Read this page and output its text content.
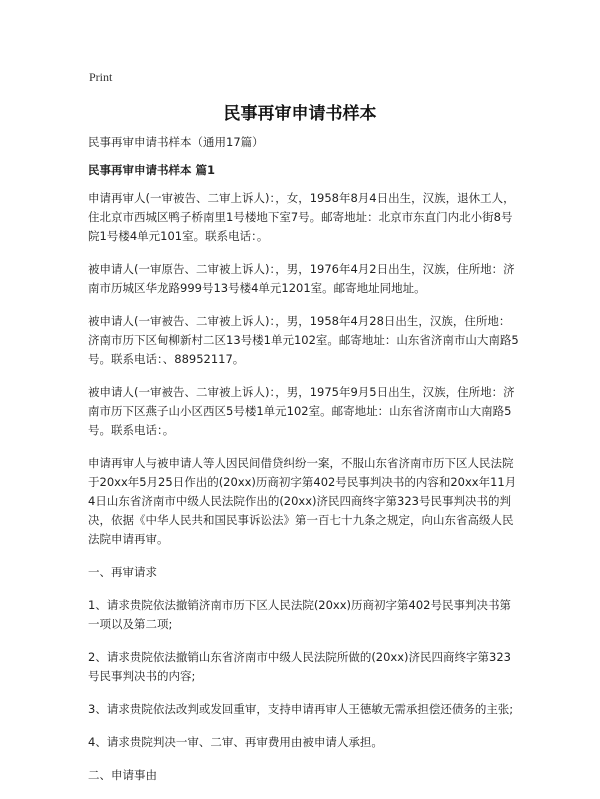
Print
民事再审申请书样本

民事再审申请书样本（通用17篇）

民事再审申请书样本 篇1

申请再审人(一审被告、二审上诉人)：，女，1958年8月4日出生，汉族，退休工人，住北京市西城区鸭子桥南里1号楼地下室7号。邮寄地址：北京市东直门内北小街8号院1号楼4单元101室。联系电话：。

被申请人(一审原告、二审被上诉人)：，男，1976年4月2日出生，汉族，住所地：济南市历城区华龙路999号13号楼4单元1201室。邮寄地址同地址。

被申请人(一审被告、二审被上诉人)：，男，1958年4月28日出生，汉族，住所地：济南市历下区甸柳新村二区13号楼1单元102室。邮寄地址：山东省济南市山大南路5号。联系电话：、88952117。

被申请人(一审被告、二审被上诉人)：，男，1975年9月5日出生，汉族，住所地：济南市历下区燕子山小区西区5号楼1单元102室。邮寄地址：山东省济南市山大南路5号。联系电话：。

申请再审人与被申请人等人因民间借贷纠纷一案，不服山东省济南市历下区人民法院于20xx年5月25日作出的(20xx)历商初字第402号民事判决书的内容和20xx年11月4日山东省济南市中级人民法院作出的(20xx)济民四商终字第323号民事判决书的判决，依据《中华人民共和国民事诉讼法》第一百七十九条之规定，向山东省高级人民法院申请再审。

一、再审请求

1、请求贵院依法撤销济南市历下区人民法院(20xx)历商初字第402号民事判决书第一项以及第二项;

2、请求贵院依法撤销山东省济南市中级人民法院所做的(20xx)济民四商终字第323号民事判决书的内容;

3、请求贵院依法改判或发回重审，支持申请再审人王德敏无需承担偿还债务的主张;

4、请求贵院判决一审、二审、再审费用由被申请人承担。

二、申请事由
